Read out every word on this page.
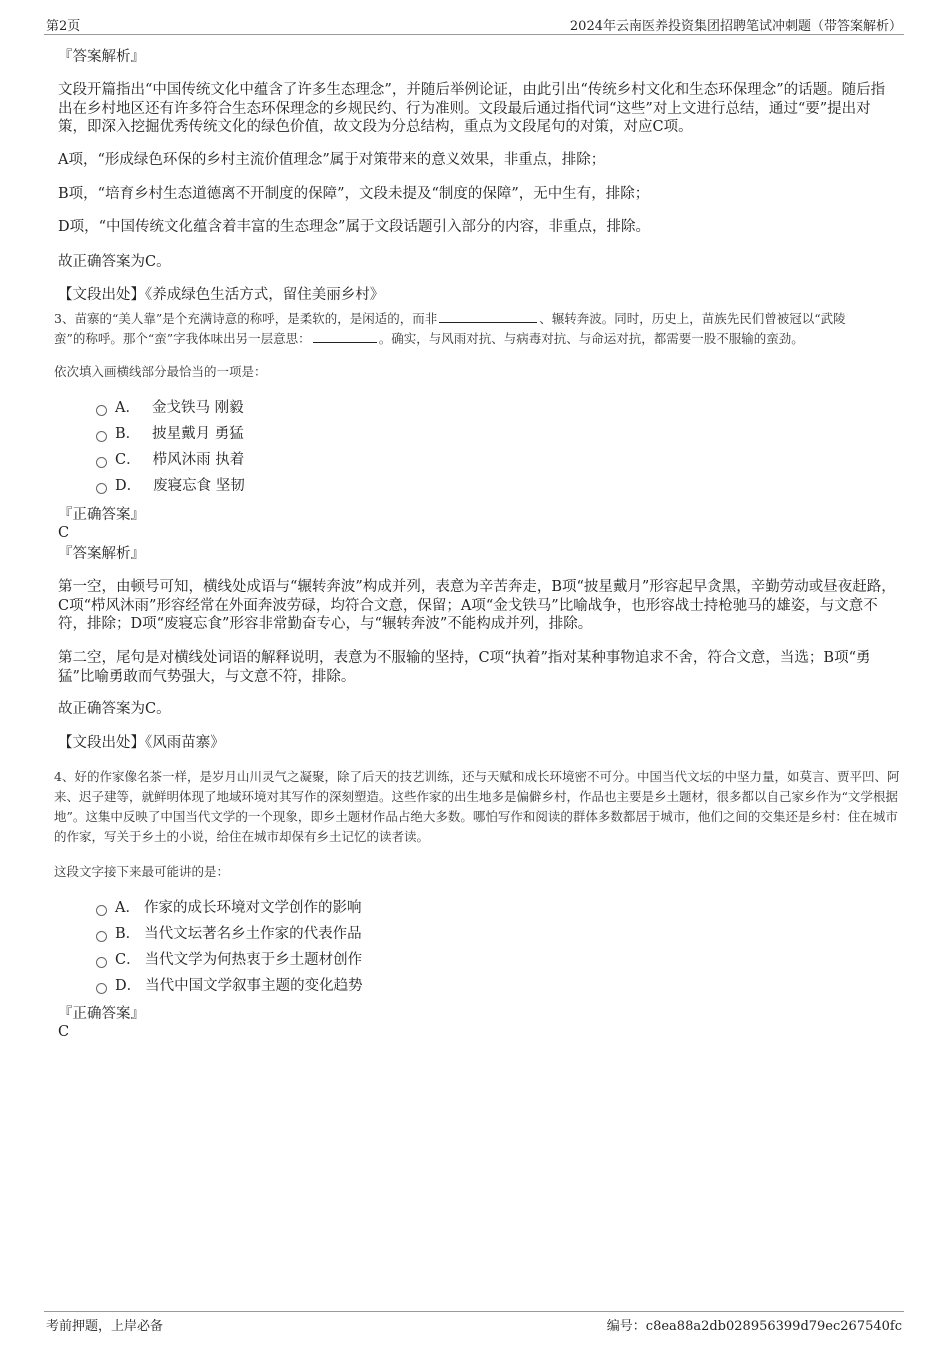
第2页	2024年云南医养投资集团招聘笔试冲刺题（带答案解析）
『答案解析』
文段开篇指出“中国传统文化中蕴含了许多生态理念”，并随后举例论证，由此引出“传统乡村文化和生态环保理念”的话题。随后指出在乡村地区还有许多符合生态环保理念的乡规民约、行为准则。文段最后通过指代词“这些”对上文进行总结，通过“要”提出对策，即深入挖掘优秀传统文化的绿色价值，故文段为分总结构，重点为文段尾句的对策，对应C项。
A项，“形成绿色环保的乡村主流价值理念”属于对策带来的意义效果，非重点，排除；
B项，“培育乡村生态道德离不开制度的保障”，文段未提及“制度的保障”，无中生有，排除；
D项，“中国传统文化蕴含着丰富的生态理念”属于文段话题引入部分的内容，非重点，排除。
故正确答案为C。
【文段出处】《养成绿色生活方式，留住美丽乡村》
3、苗寨的“美人靠”是个充满诗意的称呼，是柔软的，是闲适的，而非	、辗转奔波。同时，历史上，苗族先民们曾被冠以“武陵
蛮”的称呼。那个“蛮”字我体味出另一层意思：	。确实，与风雨对抗、与病毒对抗、与命运对抗，都需要一股不服输的蛮劲。
依次填入画横线部分最恰当的一项是：
A． 金戈铁马 刚毅
B． 披星戴月 勇猛
C． 栉风沐雨 执着
D． 废寝忘食 坚韧
『正确答案』
C
『答案解析』
第一空，由顿号可知，横线处成语与“辗转奔波”构成并列，表意为辛苦奔走，B项“披星戴月”形容起早贪黑，辛勤劳动或昼夜赶路，C项“栉风沐雨”形容经常在外面奔波劳碌，均符合文意，保留；A项“金戈铁马”比喻战争，也形容战士持枪驰马的雄姿，与文意不符，排除；D项“废寝忘食”形容非常勤奋专心，与“辗转奔波”不能构成并列，排除。
第二空，尾句是对横线处词语的解释说明，表意为不服输的坚持，C项“执着”指对某种事物追求不舍，符合文意，当选；B项“勇猛”比喻勇敢而气势强大，与文意不符，排除。
故正确答案为C。
【文段出处】《风雨苗寨》
4、好的作家像名茶一样，是岁月山川灵气之凝聚，除了后天的技艺训练，还与天赋和成长环境密不可分。中国当代文坛的中坚力量，如莫言、贾平凹、阿来、迟子建等，就鲜明体现了地域环境对其写作的深刻塑造。这些作家的出生地多是偏僻乡村，作品也主要是乡土题材，很多都以自己家乡作为“文学根据地”。这集中反映了中国当代文学的一个现象，即乡土题材作品占绝大多数。哪怕写作和阅读的群体多数都居于城市，他们之间的交集还是乡村：住在城市的作家，写关于乡土的小说，给住在城市却保有乡土记忆的读者读。
这段文字接下来最可能讲的是：
A． 作家的成长环境对文学创作的影响
B． 当代文坛著名乡土作家的代表作品
C． 当代文学为何热衷于乡土题材创作
D． 当代中国文学叙事主题的变化趋势
『正确答案』
C
考前押题，上岸必备	编号：c8ea88a2db028956399d79ec267540fc
